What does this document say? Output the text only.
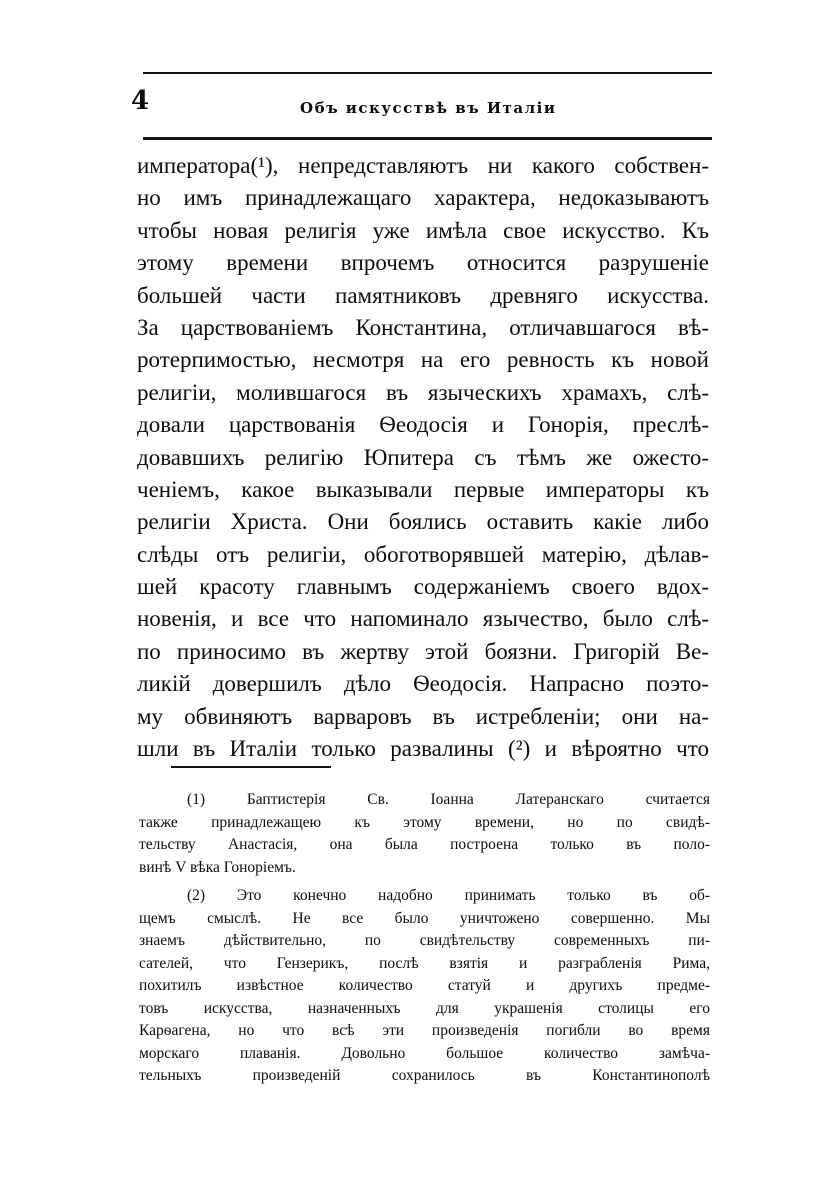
4	Объ искусствѣ въ Италіи
императора(¹), непредставляютъ ни какого собствен-
но имъ принадлежащаго характера, недоказываютъ
чтобы новая религія уже имѣла свое искусство. Къ
этому времени впрочемъ относится разрушеніе
большей части памятниковъ древняго искусства.
За царствованіемъ Константина, отличавшагося вѣ-
ротерпимостью, несмотря на его ревность къ новой
религіи, молившагося въ языческихъ храмахъ, слѣ-
довали царствованія Ѳеодосія и Гонорія, преслѣ-
довавшихъ религію Юпитера съ тѣмъ же ожесто-
ченіемъ, какое выказывали первые императоры къ
религіи Христа. Они боялись оставить какіе либо
слѣды отъ религіи, обоготворявшей матерію, дѣлав-
шей красоту главнымъ содержаніемъ своего вдох-
новенія, и все что напоминало язычество, было слѣ-
по приносимо въ жертву этой боязни. Григорій Ве-
ликій довершилъ дѣло Ѳеодосія. Напрасно поэто-
му обвиняютъ варваровъ въ истребленіи; они на-
шли въ Италіи только развалины (²) и вѣроятно что
(1) Баптистерія Св. Іоанна Латеранскаго считается
также принадлежащею къ этому времени, но по свидѣ-
тельству Анастасія, она была построена только въ поло-
винѣ V вѣка Гоноріемъ.
(2) Это конечно надобно принимать только въ об-
щемъ смыслѣ. Не все было уничтожено совершенно. Мы
знаемъ дѣйствительно, по свидѣтельству современныхъ пи-
сателей, что Гензерикъ, послѣ взятія и разграбленія Рима,
похитилъ извѣстное количество статуй и другихъ предме-
товъ искусства, назначенныхъ для украшенія столицы его
Карѳагена, но что всѣ эти произведенія погибли во время
морскаго плаванія. Довольно большое количество замѣча-
тельныхъ произведеній сохранилось въ Константинополѣ
